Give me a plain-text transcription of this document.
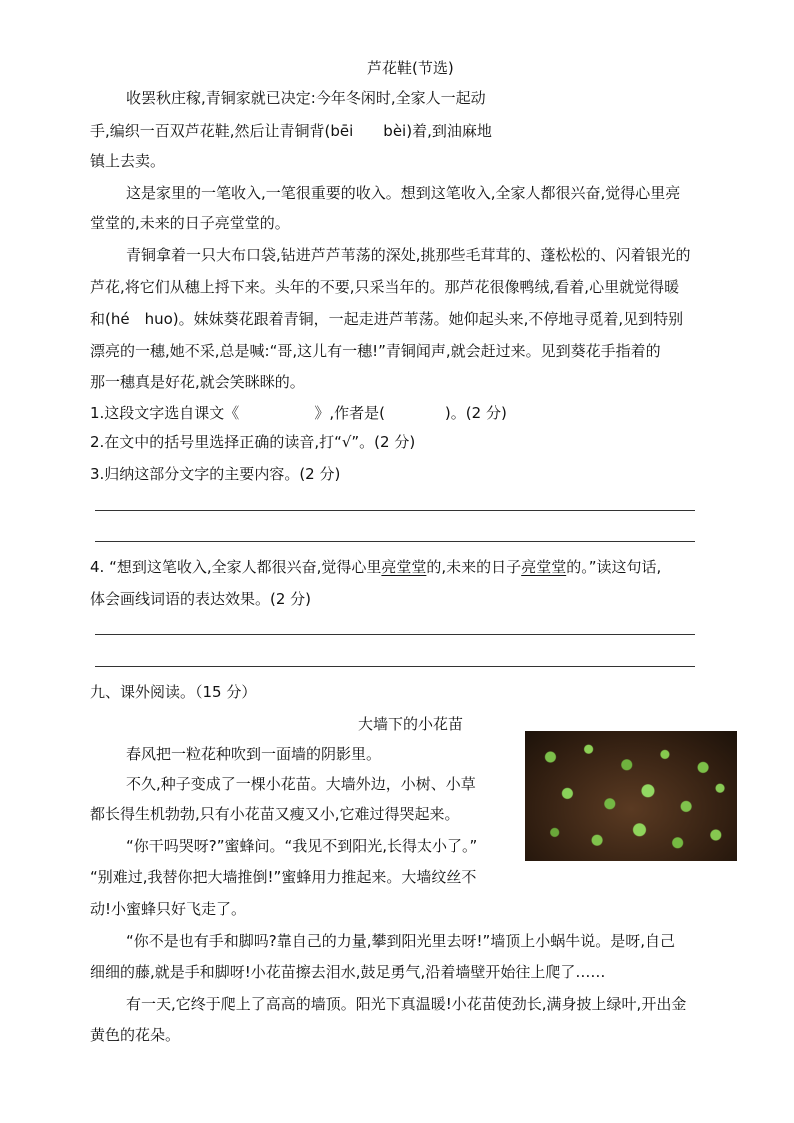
芦花鞋(节选)
收罢秋庄稼,青铜家就已决定:今年冬闲时,全家人一起动
手,编织一百双芦花鞋,然后让青铜背(bēi　　bèi)着,到油麻地
镇上去卖。
这是家里的一笔收入,一笔很重要的收入。想到这笔收入,全家人都很兴奋,觉得心里亮
堂堂的,未来的日子亮堂堂的。
青铜拿着一只大布口袋,钻进芦芦苇荡的深处,挑那些毛茸茸的、蓬松松的、闪着银光的
芦花,将它们从穗上捋下来。头年的不要,只采当年的。那芦花很像鸭绒,看着,心里就觉得暖
和(hé　huo)。妹妹葵花跟着青铜，一起走进芦苇荡。她仰起头来,不停地寻觅着,见到特别
漂亮的一穗,她不采,总是喊:“哥,这儿有一穗!”青铜闻声,就会赶过来。见到葵花手指着的
那一穗真是好花,就会笑眯眯的。
1.这段文字选自课文《　　　　　》,作者是(　　　　)。(2 分)
2.在文中的括号里选择正确的读音,打“√”。(2 分)
3.归纳这部分文字的主要内容。(2 分)
4. “想到这笔收入,全家人都很兴奋,觉得心里亮堂堂的,未来的日子亮堂堂的。”读这句话,
体会画线词语的表达效果。(2 分)
九、课外阅读。（15 分）
大墙下的小花苗
春风把一粒花种吹到一面墙的阴影里。
不久,种子变成了一棵小花苗。大墙外边，小树、小草
都长得生机勃勃,只有小花苗又瘦又小,它难过得哭起来。
“你干吗哭呀?”蜜蜂问。“我见不到阳光,长得太小了。”
“别难过,我替你把大墙推倒!”蜜蜂用力推起来。大墙纹丝不
动!小蜜蜂只好飞走了。
“你不是也有手和脚吗?靠自己的力量,攀到阳光里去呀!”墙顶上小蜗牛说。是呀,自己
细细的藤,就是手和脚呀!小花苗擦去泪水,鼓足勇气,沿着墙壁开始往上爬了……
有一天,它终于爬上了高高的墙顶。阳光下真温暖!小花苗使劲长,满身披上绿叶,开出金
黄色的花朵。
